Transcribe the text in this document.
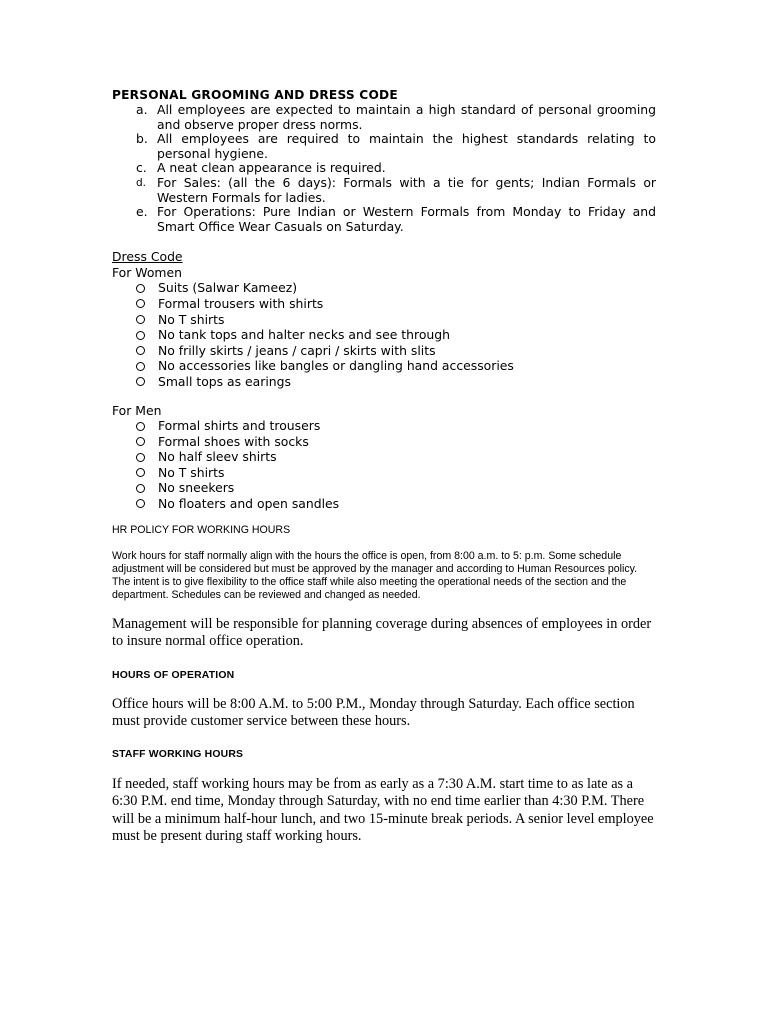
PERSONAL GROOMING AND DRESS CODE
a. All employees are expected to maintain a high standard of personal grooming and observe proper dress norms.
b. All employees are required to maintain the highest standards relating to personal hygiene.
c. A neat clean appearance is required.
d. For Sales: (all the 6 days): Formals with a tie for gents; Indian Formals or Western Formals for ladies.
e. For Operations: Pure Indian or Western Formals from Monday to Friday and Smart Office Wear Casuals on Saturday.
Dress Code
For Women
Suits (Salwar Kameez)
Formal trousers with shirts
No T shirts
No tank tops and halter necks and see through
No frilly skirts / jeans / capri / skirts with slits
No accessories like bangles or dangling hand accessories
Small tops as earings
For Men
Formal shirts and trousers
Formal shoes with socks
No half sleev shirts
No T shirts
No sneekers
No floaters and open sandles
HR POLICY FOR WORKING HOURS
Work hours for staff normally align with the hours the office is open, from 8:00 a.m. to 5: p.m. Some schedule adjustment will be considered but must be approved by the manager and according to Human Resources policy. The intent is to give flexibility to the office staff while also meeting the operational needs of the section and the department. Schedules can be reviewed and changed as needed.
Management will be responsible for planning coverage during absences of employees in order to insure normal office operation.
HOURS OF OPERATION
Office hours will be 8:00 A.M. to 5:00 P.M., Monday through Saturday. Each office section must provide customer service between these hours.
STAFF WORKING HOURS
If needed, staff working hours may be from as early as a 7:30 A.M. start time to as late as a 6:30 P.M. end time, Monday through Saturday, with no end time earlier than 4:30 P.M. There will be a minimum half-hour lunch, and two 15-minute break periods. A senior level employee must be present during staff working hours.
